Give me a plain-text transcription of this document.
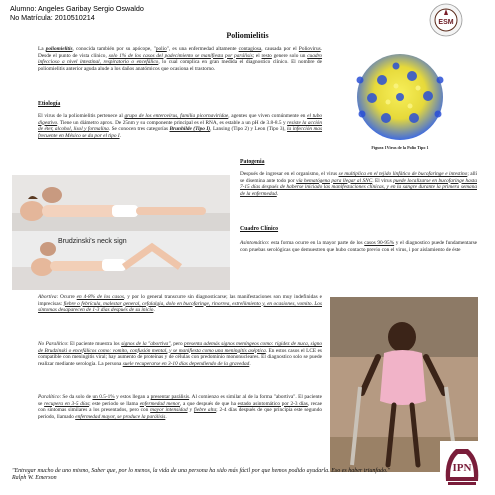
Alumno: Angeles Garibay Sergio Oswaldo
No Matrícula: 2010510214
ESM
Poliomielitis
La poliomielitis, conocida también por su apócope, "polio", es una enfermedad altamente contagiosa, causada por el Poliovirus. Desde el punto de vista clínico, solo 1% de los casos del padecimiento se manifiesta por parálisis; el resto genere solo un cuadro infeccioso a nivel intestinal, respiratorio o encefálico, lo cual complica en gran medida el diagnostico clínico. El nombre de poliomielitis anterior aguda alude a los daños anatómicos que ocasiona el trastorno.
Etiología
El virus de la poliomielitis pertenece al grupo de los enterovirus, familia picornaviridae, agentes que viven comúnmente en el tubo digestivo. Tiene un diámetro aprox. De 25nm y su componente principal es el RNA, es estable a un pH de 3.8-8.5 y resiste la acción de éter, alcohol, lisol y formalina. Se conocen tres categorías Brunhilde (Tipo I), Lansing (Tipo 2) y Leon (Tipo 3), la infección mas frecuente en México se da por el tipo I.
Figura 1Virus de la Polio Tipo 1
Brudzinski's neck sign
Patogenia
Después de ingresar en el organismo, el virus se multiplica en el tejido linfático de bucofaringe e intestino; allí se disemina ante todo por vía hematógena para llegar al SNC. El virus puede localizarse en bucofaringe hasta 7-15 días después de haberse iniciado las manifestaciones clínicas, y en la sangre durante la primera semana de la enfermedad.
Cuadro Clínico
Asintomático: esta forma ocurre en la mayor parte de los casos 90-95% y el diagnostico puede fundamentarse con pruebas serológicas que demuestren que hubo contacto previo con el virus, i por aislamiento de éste
Abortiva: Ocurre en 4-8% de los casos, y por lo general transcurre sin diagnosticarse; las manifestaciones son muy indefinidas e imprecisas: fiebre o febrícula, malestar general, cefalalgia, dolo en bucofaringe, rinorrea, estreñimiento y, en ocasiones, vomito. Los síntomas desaparecen de 1-3 días después de su inicio.
No Paralítico: El paciente muestra los signos de la "abortiva", pero presenta además signos meníngeos como: rigidez de nuca, signo de Brudzinski o encefálicos como: vomito, confusión mental, y se manifiesta como una meningitis aséptica. En estos casos el LCE es compatible con meningitis viral; hay aumento de proteínas y de células con predominio mononucleares. El diagnostico solo se puede realizar mediante serología. La persona suele recuperarse en 3-10 días dependiendo de la gravedad.
Paralítico: Se da solo de un 0.5-1% y estos llegan a presentar parálisis. Al comienzo es similar al de la forma "abortiva". El paciente se recupera en 3-5 días; este periodo se llama enfermedad menor, a que después de que ha estado asintomático por 2-3 días, recae con síntomas similares a los presentados, pero con mayor intensidad y fiebre alta; 2-4 días después de que principia este segundo periodo, llamado enfermedad mayor, se produce la parálisis.
"Entregar mucho de uno mismo, Saber que, por lo menos, la vida de una persona ha sido más fácil por que hemos podido ayudarla. Eso es haber triunfado."
Ralph W. Emerson
IPN
